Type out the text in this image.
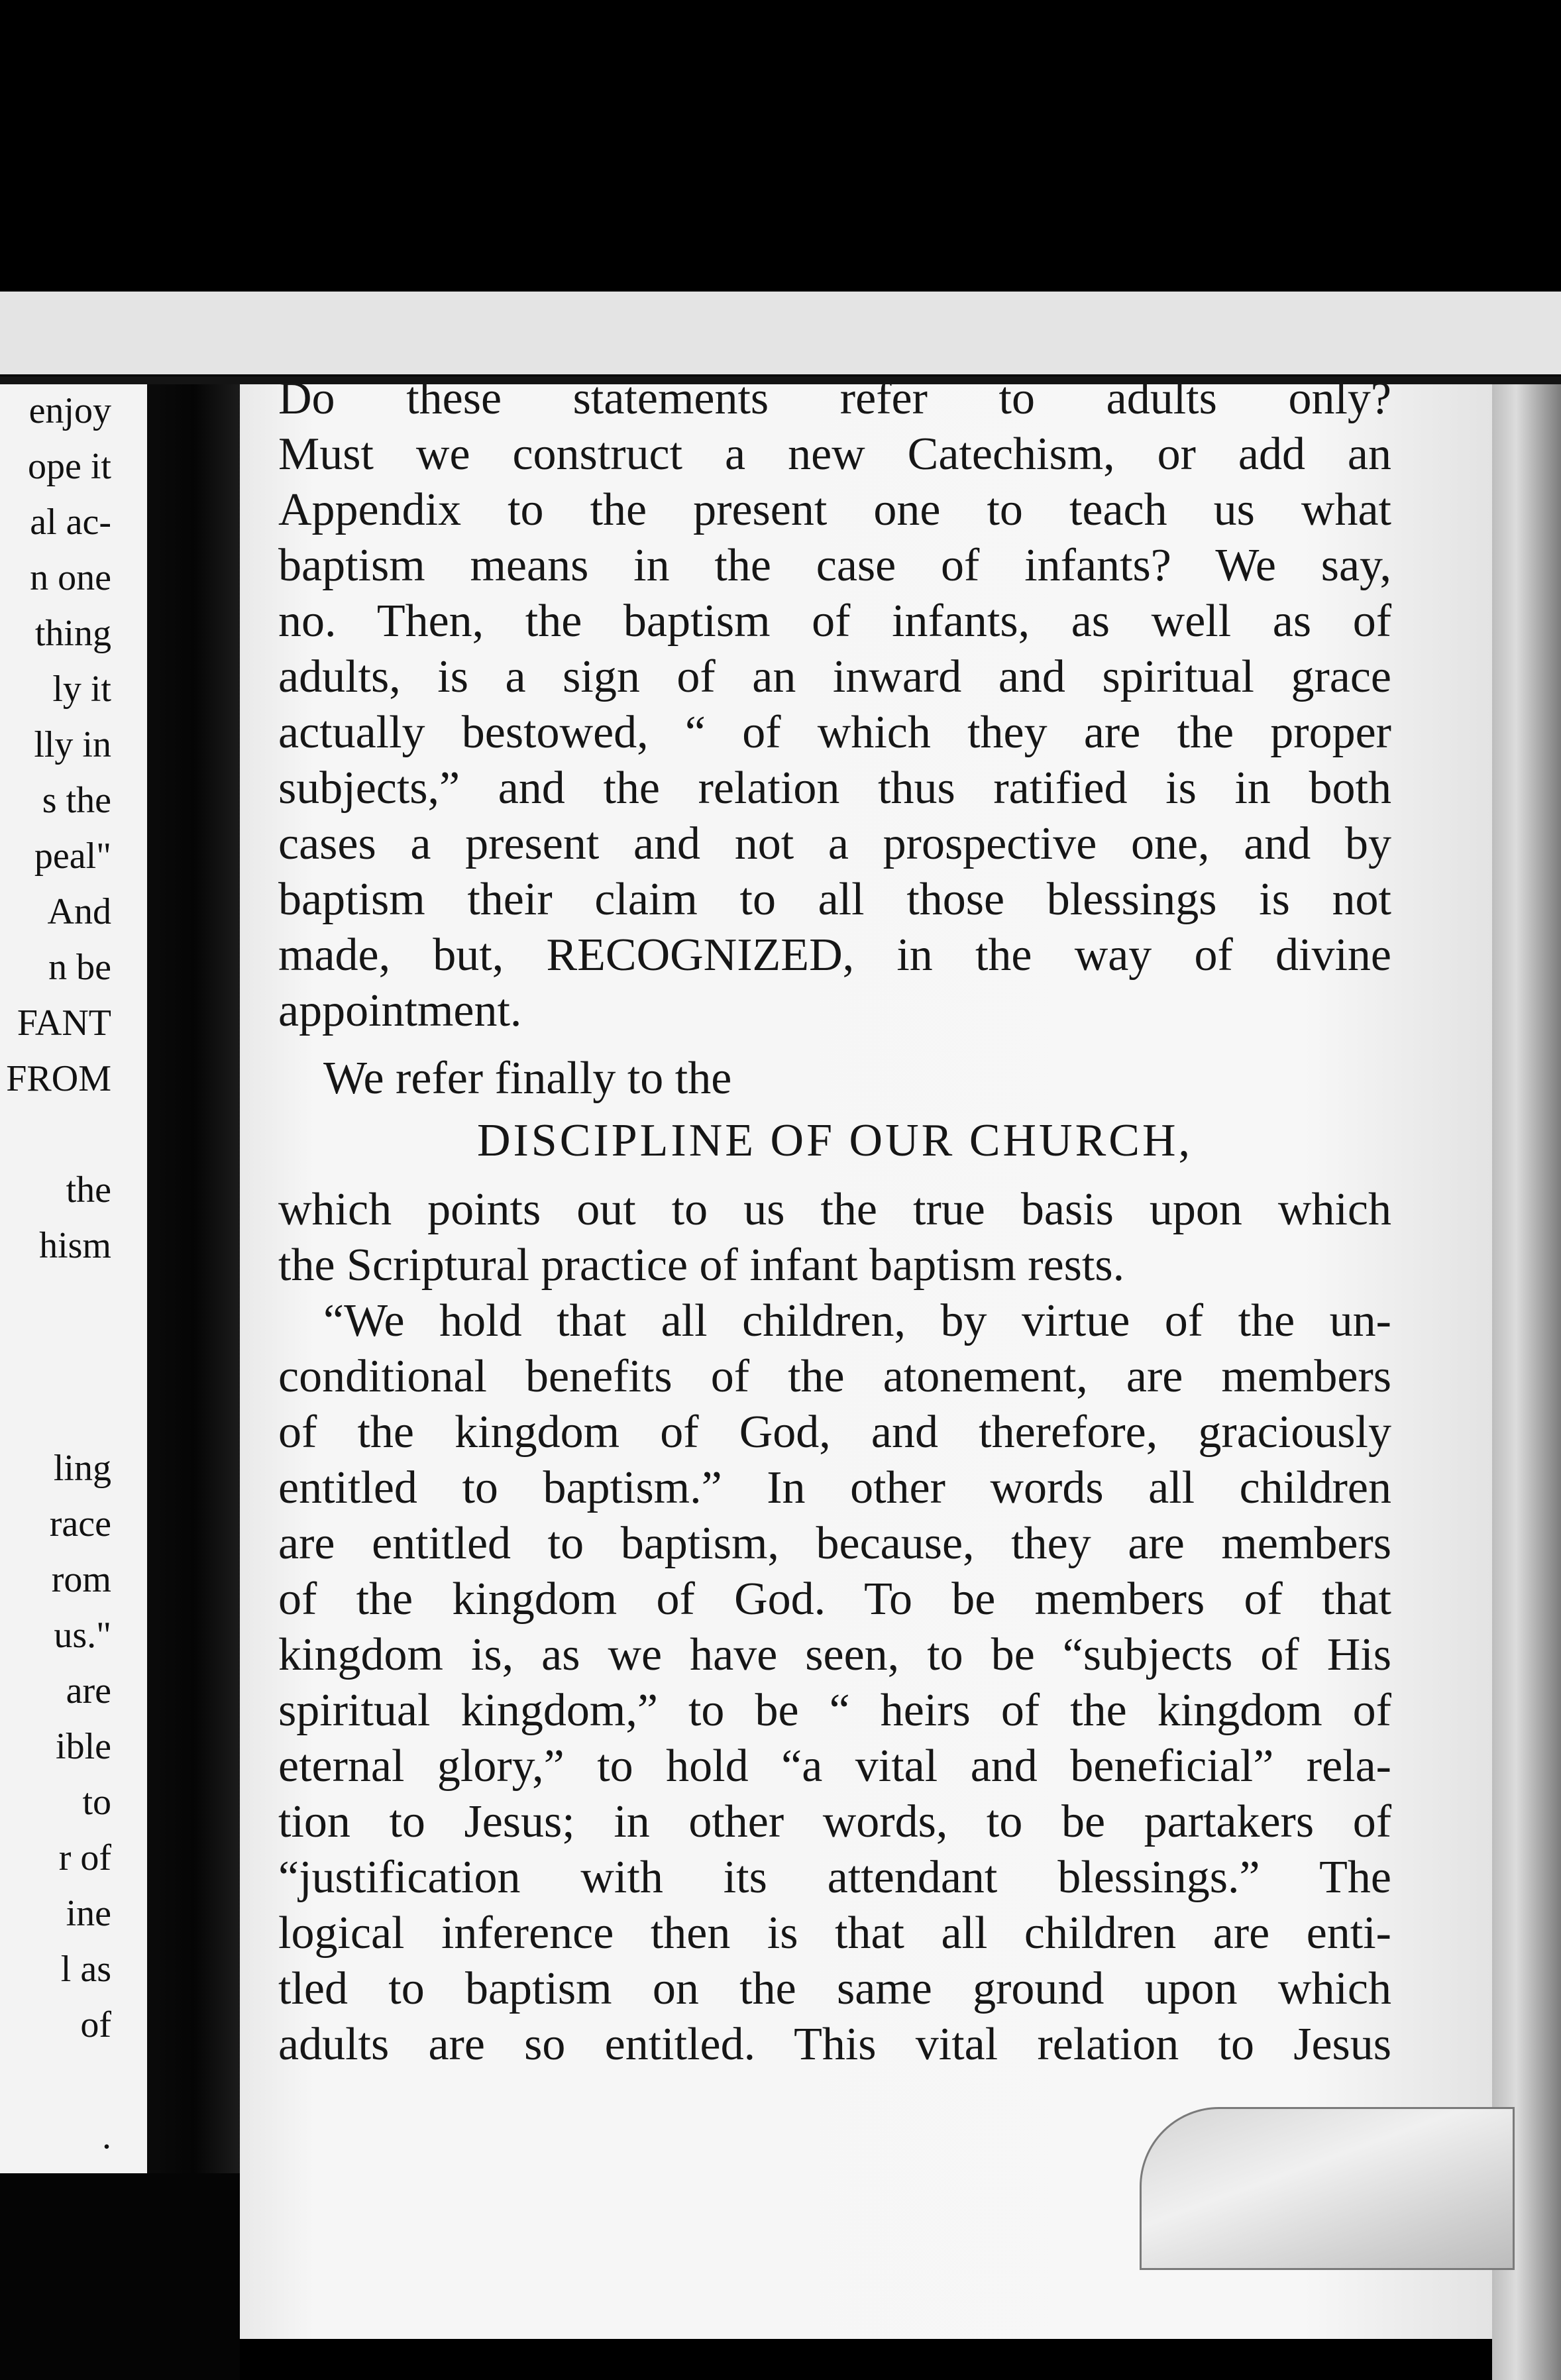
enjoy
ope it
al ac-
n one
thing
ly it
lly in
s the
peal"
And
n be
FANT
FROM
the
hism
ling
race
rom
us."
are
ible
to
r of
ine
l as
of
.
Do these statements refer to adults only?
Must we construct a new Catechism, or add an
Appendix to the present one to teach us what
baptism means in the case of infants? We say,
no. Then, the baptism of infants, as well as of
adults, is a sign of an inward and spiritual grace
actually bestowed, “ of which they are the proper
subjects,” and the relation thus ratified is in both
cases a present and not a prospective one, and by
baptism their claim to all those blessings is not
made, but, RECOGNIZED, in the way of divine
appointment.
We refer finally to the
DISCIPLINE OF OUR CHURCH,
which points out to us the true basis upon which
the Scriptural practice of infant baptism rests.
“We hold that all children, by virtue of the un-
conditional benefits of the atonement, are members
of the kingdom of God, and therefore, graciously
entitled to baptism.” In other words all children
are entitled to baptism, because, they are members
of the kingdom of God. To be members of that
kingdom is, as we have seen, to be “subjects of His
spiritual kingdom,” to be “ heirs of the kingdom of
eternal glory,” to hold “a vital and beneficial” rela-
tion to Jesus; in other words, to be partakers of
“justification with its attendant blessings.” The
logical inference then is that all children are enti-
tled to baptism on the same ground upon which
adults are so entitled. This vital relation to Jesus
